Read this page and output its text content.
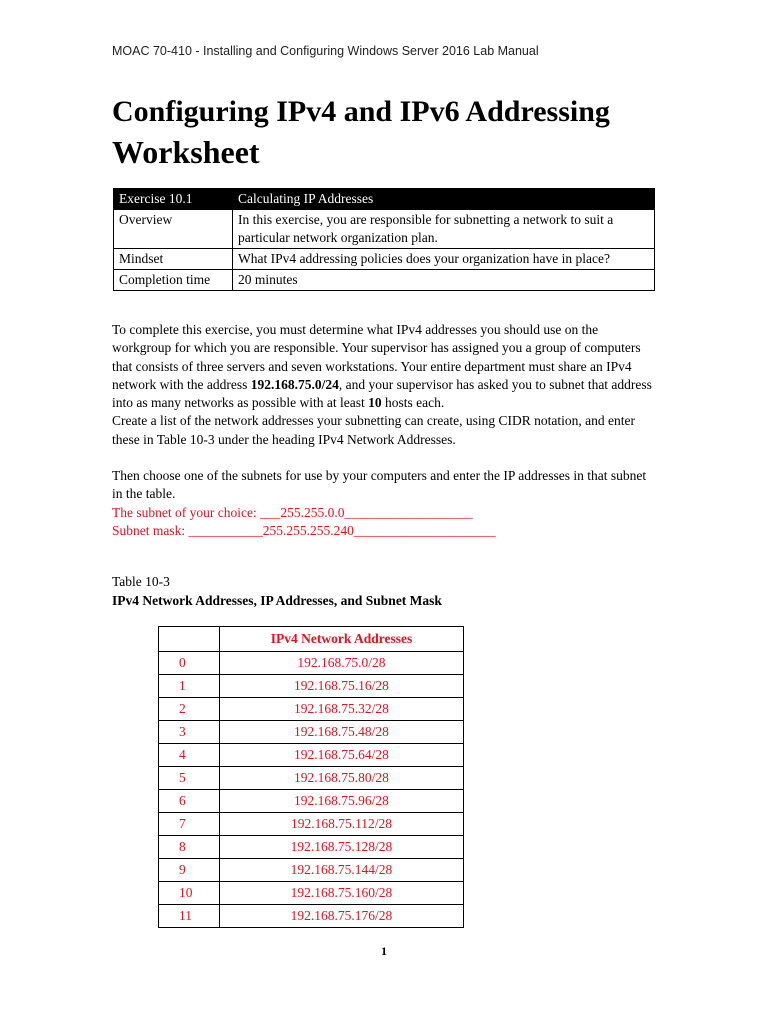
MOAC 70-410 - Installing and Configuring Windows Server 2016 Lab Manual
Configuring IPv4 and IPv6 Addressing
Worksheet
Exercise 10.1	Calculating IP Addresses
Overview	In this exercise, you are responsible for subnetting a network to suit a particular network organization plan.
Mindset	What IPv4 addressing policies does your organization have in place?
Completion time	20 minutes

To complete this exercise, you must determine what IPv4 addresses you should use on the workgroup for which you are responsible. Your supervisor has assigned you a group of computers that consists of three servers and seven workstations. Your entire department must share an IPv4 network with the address 192.168.75.0/24, and your supervisor has asked you to subnet that address into as many networks as possible with at least 10 hosts each.

Create a list of the network addresses your subnetting can create, using CIDR notation, and enter these in Table 10-3 under the heading IPv4 Network Addresses.

Then choose one of the subnets for use by your computers and enter the IP addresses in that subnet in the table.

The subnet of your choice: ___255.255.0.0___________________

Subnet mask: ___________255.255.255.240_____________________

Table 10-3
IPv4 Network Addresses, IP Addresses, and Subnet Mask
	IPv4 Network Addresses
0	192.168.75.0/28
1	192.168.75.16/28
2	192.168.75.32/28
3	192.168.75.48/28
4	192.168.75.64/28
5	192.168.75.80/28
6	192.168.75.96/28
7	192.168.75.112/28
8	192.168.75.128/28
9	192.168.75.144/28
10	192.168.75.160/28
11	192.168.75.176/28
1
